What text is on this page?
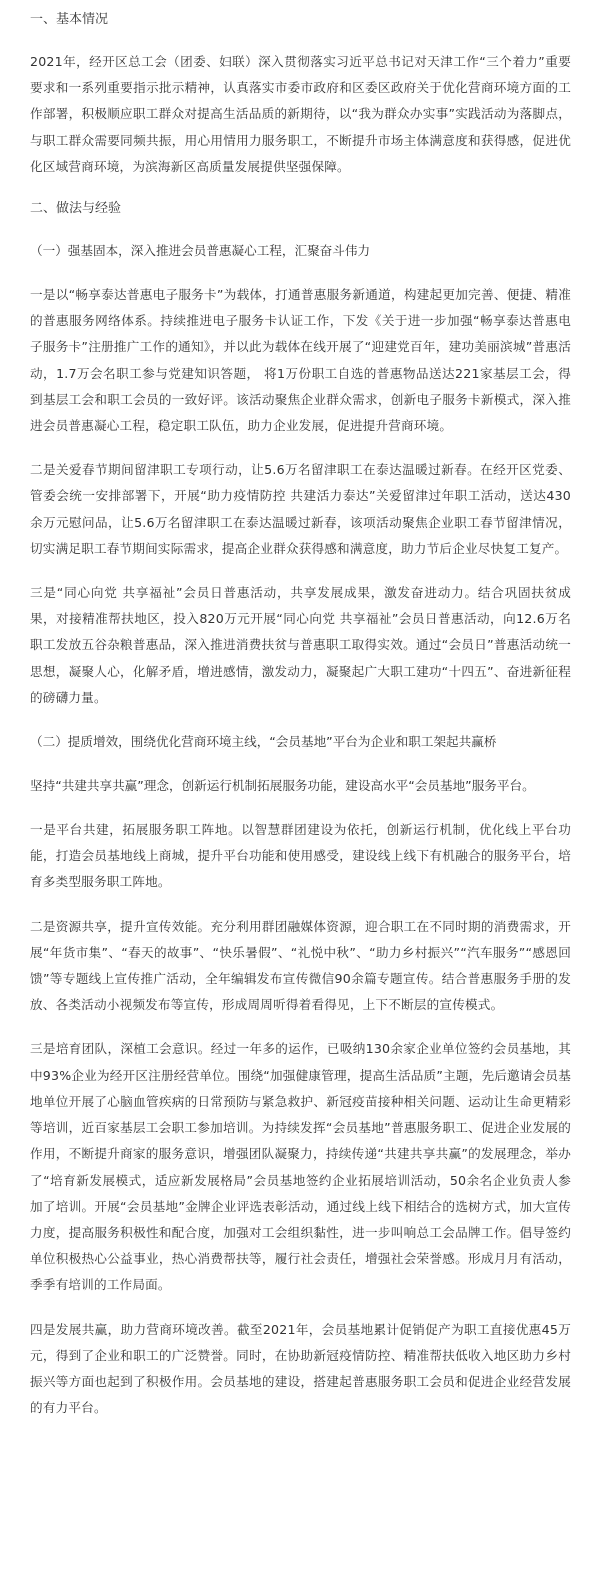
一、基本情况
2021年，经开区总工会（团委、妇联）深入贯彻落实习近平总书记对天津工作“三个着力”重要要求和一系列重要指示批示精神，认真落实市委市政府和区委区政府关于优化营商环境方面的工作部署，积极顺应职工群众对提高生活品质的新期待，以“我为群众办实事”实践活动为落脚点，与职工群众需要同频共振，用心用情用力服务职工，不断提升市场主体满意度和获得感，促进优化区域营商环境，为滨海新区高质量发展提供坚强保障。
二、做法与经验
（一）强基固本，深入推进会员普惠凝心工程，汇聚奋斗伟力
一是以“畅享泰达普惠电子服务卡”为载体，打通普惠服务新通道，构建起更加完善、便捷、精准的普惠服务网络体系。持续推进电子服务卡认证工作，下发《关于进一步加强“畅享泰达普惠电子服务卡”注册推广工作的通知》，并以此为载体在线开展了“迎建党百年，建功美丽滨城”普惠活动，1.7万会名职工参与党建知识答题， 将1万份职工自选的普惠物品送达221家基层工会，得到基层工会和职工会员的一致好评。该活动聚焦企业群众需求，创新电子服务卡新模式，深入推进会员普惠凝心工程，稳定职工队伍，助力企业发展，促进提升营商环境。
二是关爱春节期间留津职工专项行动，让5.6万名留津职工在泰达温暖过新春。在经开区党委、管委会统一安排部署下，开展“助力疫情防控 共建活力泰达”关爱留津过年职工活动，送达430余万元慰问品，让5.6万名留津职工在泰达温暖过新春，该项活动聚焦企业职工春节留津情况，切实满足职工春节期间实际需求，提高企业群众获得感和满意度，助力节后企业尽快复工复产。
三是“同心向党 共享福祉”会员日普惠活动，共享发展成果，激发奋进动力。结合巩固扶贫成果，对接精准帮扶地区，投入820万元开展“同心向党 共享福祉”会员日普惠活动，向12.6万名职工发放五谷杂粮普惠品，深入推进消费扶贫与普惠职工取得实效。通过“会员日”普惠活动统一思想，凝聚人心，化解矛盾，增进感情，激发动力，凝聚起广大职工建功“十四五”、奋进新征程的磅礴力量。
（二）提质增效，围绕优化营商环境主线，“会员基地”平台为企业和职工架起共赢桥
坚持“共建共享共赢”理念，创新运行机制拓展服务功能，建设高水平“会员基地”服务平台。
一是平台共建，拓展服务职工阵地。以智慧群团建设为依托，创新运行机制，优化线上平台功能，打造会员基地线上商城，提升平台功能和使用感受，建设线上线下有机融合的服务平台，培育多类型服务职工阵地。
二是资源共享，提升宣传效能。充分利用群团融媒体资源，迎合职工在不同时期的消费需求，开展“年货市集”、“春天的故事”、“快乐暑假”、“礼悦中秋”、“助力乡村振兴”“汽车服务”“感恩回馈”等专题线上宣传推广活动，全年编辑发布宣传微信90余篇专题宣传。结合普惠服务手册的发放、各类活动小视频发布等宣传，形成周周听得着看得见，上下不断层的宣传模式。
三是培育团队，深植工会意识。经过一年多的运作，已吸纳130余家企业单位签约会员基地，其中93%企业为经开区注册经营单位。围绕“加强健康管理，提高生活品质”主题，先后邀请会员基地单位开展了心脑血管疾病的日常预防与紧急救护、新冠疫苗接种相关问题、运动让生命更精彩等培训，近百家基层工会职工参加培训。为持续发挥“会员基地”普惠服务职工、促进企业发展的作用，不断提升商家的服务意识，增强团队凝聚力，持续传递“共建共享共赢”的发展理念，举办了“培育新发展模式，适应新发展格局”会员基地签约企业拓展培训活动，50余名企业负责人参加了培训。开展“会员基地”金牌企业评选表彰活动，通过线上线下相结合的选树方式，加大宣传力度，提高服务积极性和配合度，加强对工会组织黏性，进一步叫响总工会品牌工作。倡导签约单位积极热心公益事业，热心消费帮扶等，履行社会责任，增强社会荣誉感。形成月月有活动，季季有培训的工作局面。
四是发展共赢，助力营商环境改善。截至2021年，会员基地累计促销促产为职工直接优惠45万元，得到了企业和职工的广泛赞誉。同时，在协助新冠疫情防控、精准帮扶低收入地区助力乡村振兴等方面也起到了积极作用。会员基地的建设，搭建起普惠服务职工会员和促进企业经营发展的有力平台。
